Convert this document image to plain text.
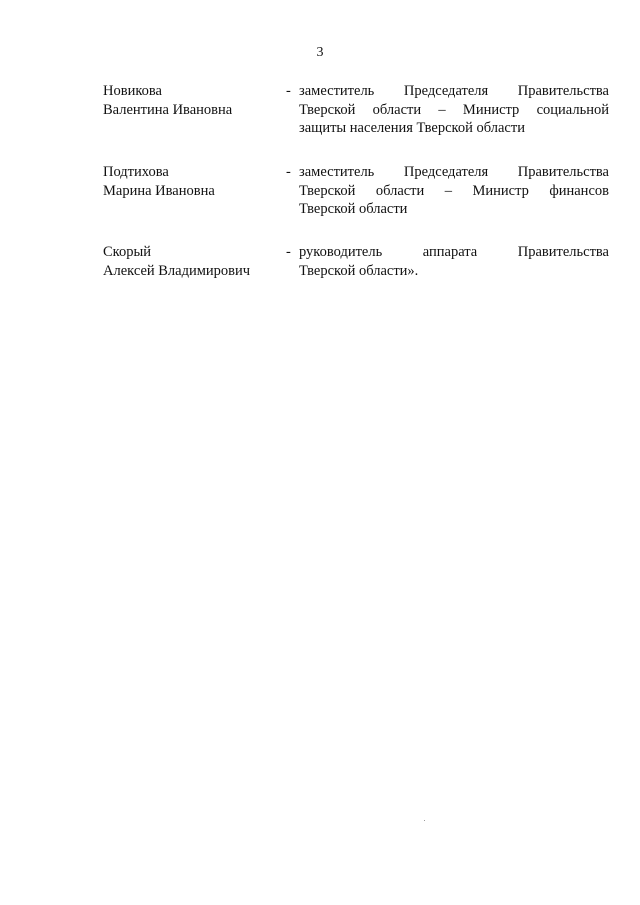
3
Новикова
Валентина Ивановна
- заместитель Председателя Правительства
Тверской области – Министр социальной
защиты населения Тверской области
Подтихова
Марина Ивановна
- заместитель Председателя Правительства
Тверской области – Министр финансов
Тверской области
Скорый
Алексей Владимирович
- руководитель	аппарата	Правительства
Тверской области».
